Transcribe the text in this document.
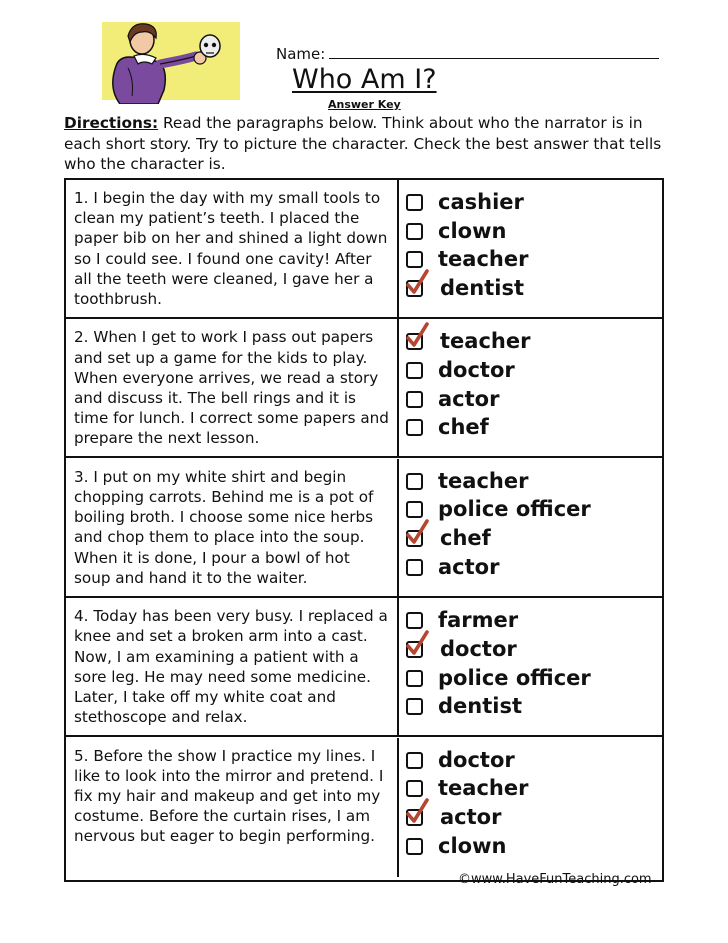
Name:
Who Am I?
Answer Key
Directions: Read the paragraphs below. Think about who the narrator is in each short story. Try to picture the character. Check the best answer that tells who the character is.
1. I begin the day with my small tools to clean my patient’s teeth. I placed the paper bib on her and shined a light down so I could see. I found one cavity! After all the teeth were cleaned, I gave her a toothbrush.
cashier
clown
teacher
dentist
2. When I get to work I pass out papers and set up a game for the kids to play. When everyone arrives, we read a story and discuss it. The bell rings and it is time for lunch. I correct some papers and prepare the next lesson.
teacher
doctor
actor
chef
3. I put on my white shirt and begin chopping carrots. Behind me is a pot of boiling broth. I choose some nice herbs and chop them to place into the soup. When it is done, I pour a bowl of hot soup and hand it to the waiter.
teacher
police officer
chef
actor
4. Today has been very busy. I replaced a knee and set a broken arm into a cast. Now, I am examining a patient with a sore leg. He may need some medicine. Later, I take off my white coat and stethoscope and relax.
farmer
doctor
police officer
dentist
5. Before the show I practice my lines. I like to look into the mirror and pretend. I fix my hair and makeup and get into my costume. Before the curtain rises, I am nervous but eager to begin performing.
doctor
teacher
actor
clown
©www.HaveFunTeaching.com
